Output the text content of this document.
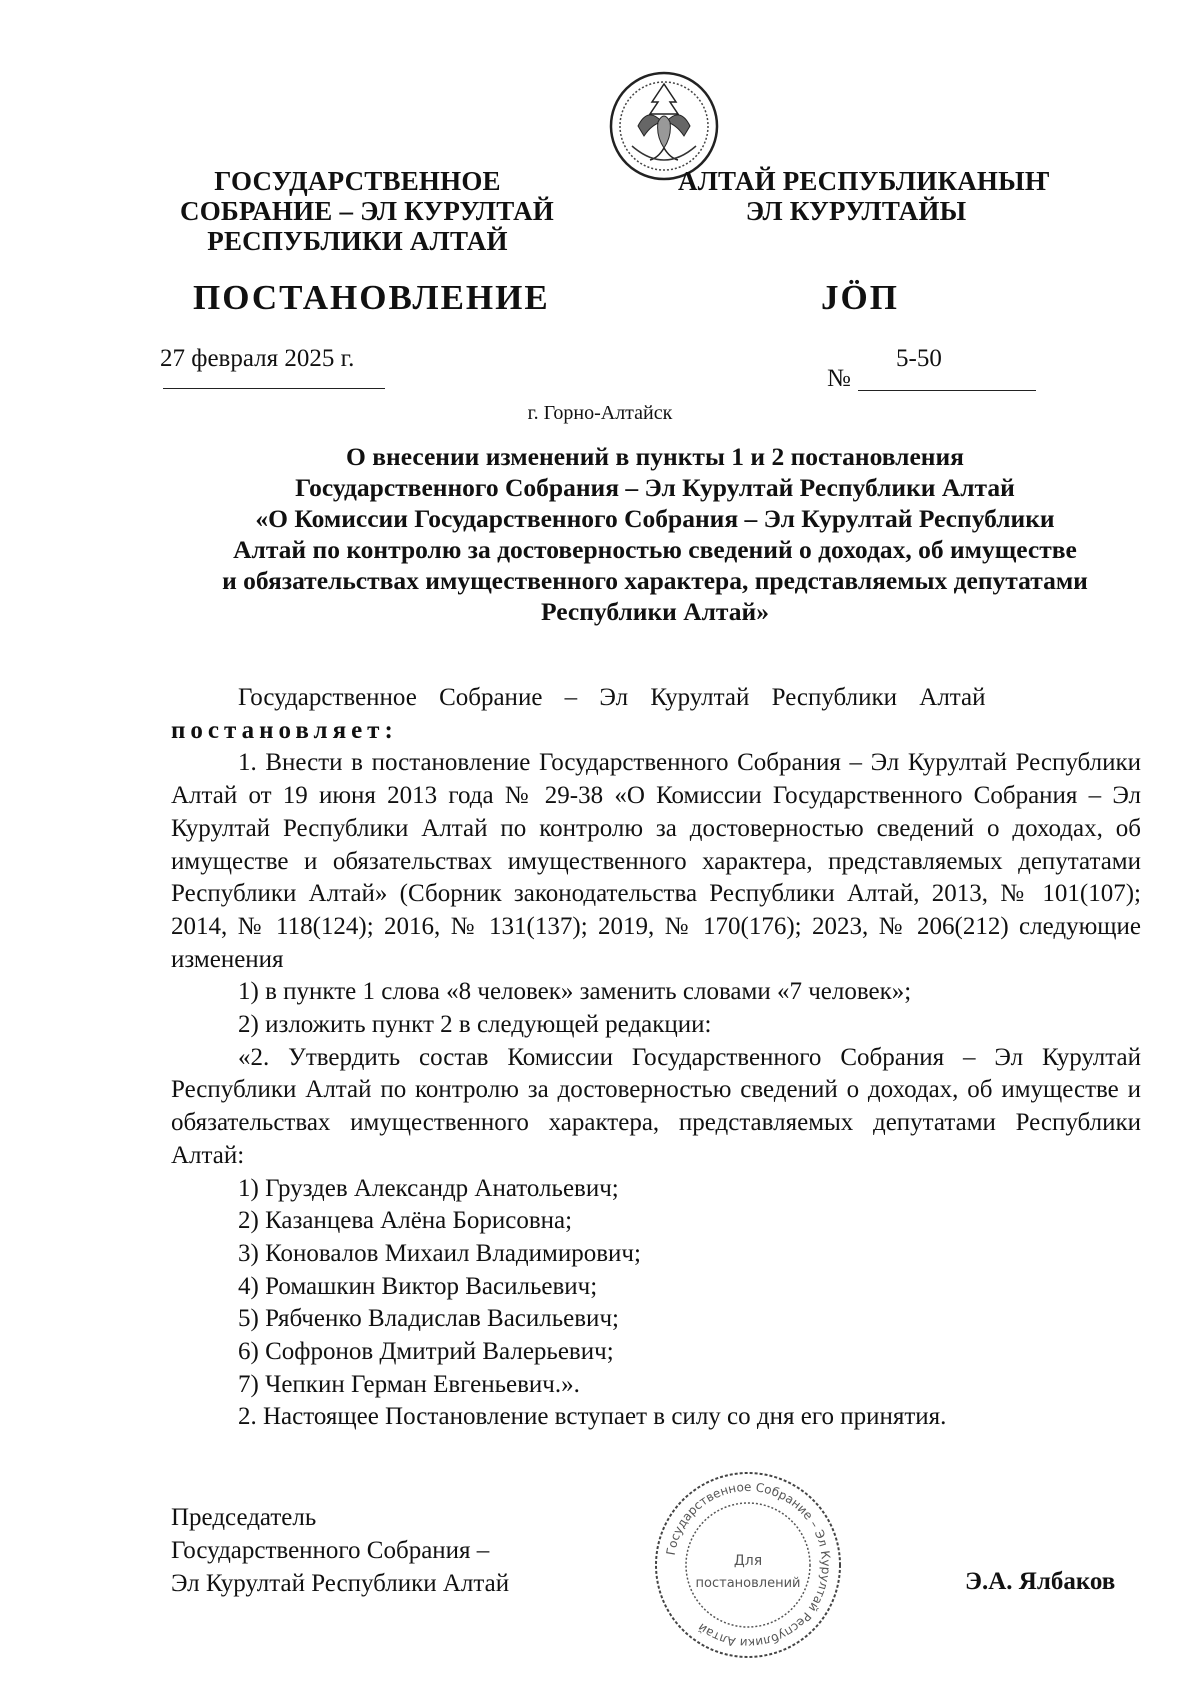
ГОСУДАРСТВЕННОЕ
СОБРАНИЕ – ЭЛ КУРУЛТАЙ
РЕСПУБЛИКИ АЛТАЙ
АЛТАЙ РЕСПУБЛИКАНЫҤ
ЭЛ КУРУЛТАЙЫ
ПОСТАНОВЛЕНИЕ	JÖП
27 февраля 2025 г.	5-50
№
г. Горно-Алтайск
О внесении изменений в пункты 1 и 2 постановления
Государственного Собрания – Эл Курултай Республики Алтай
«О Комиссии Государственного Собрания – Эл Курултай Республики
Алтай по контролю за достоверностью сведений о доходах, об имуществе
и обязательствах имущественного характера, представляемых депутатами
Республики Алтай»

Государственное Собрание – Эл Курултай Республики Алтай

постановляет:

1. Внести в постановление Государственного Собрания – Эл Курултай Республики Алтай от 19 июня 2013 года № 29-38 «О Комиссии Государственного Собрания – Эл Курултай Республики Алтай по контролю за достоверностью сведений о доходах, об имуществе и обязательствах имущественного характера, представляемых депутатами Республики Алтай» (Сборник законодательства Республики Алтай, 2013, № 101(107); 2014, № 118(124); 2016, № 131(137); 2019, № 170(176); 2023, № 206(212) следующие изменения

1) в пункте 1 слова «8 человек» заменить словами «7 человек»;

2) изложить пункт 2 в следующей редакции:

«2. Утвердить состав Комиссии Государственного Собрания – Эл Курултай Республики Алтай по контролю за достоверностью сведений о доходах, об имуществе и обязательствах имущественного характера, представляемых депутатами Республики Алтай:

1) Груздев Александр Анатольевич;

2) Казанцева Алёна Борисовна;

3) Коновалов Михаил Владимирович;

4) Ромашкин Виктор Васильевич;

5) Рябченко Владислав Васильевич;

6) Софронов Дмитрий Валерьевич;

7) Чепкин Герман Евгеньевич.».

2. Настоящее Постановление вступает в силу со дня его принятия.

Председатель
Государственного Собрания –
Эл Курултай Республики Алтай	Э.А. Ялбаков
Государственное Собрание – Эл Курултай Республики Алтай
Для
постановлений
